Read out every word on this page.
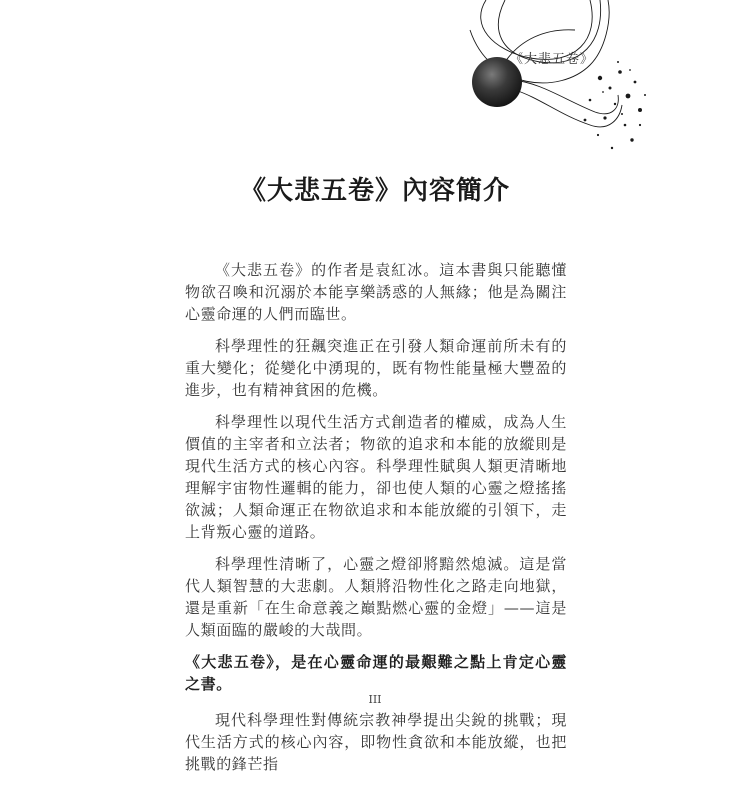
《大悲五卷》
《大悲五卷》內容簡介

《大悲五卷》的作者是袁紅冰。這本書與只能聽懂物欲召喚和沉溺於本能享樂誘惑的人無緣；他是為關注心靈命運的人們而臨世。

科學理性的狂飆突進正在引發人類命運前所未有的重大變化；從變化中湧現的，既有物性能量極大豐盈的進步，也有精神貧困的危機。

科學理性以現代生活方式創造者的權威，成為人生價值的主宰者和立法者；物欲的追求和本能的放縱則是現代生活方式的核心內容。科學理性賦與人類更清晰地理解宇宙物性邏輯的能力，卻也使人類的心靈之燈搖搖欲滅；人類命運正在物欲追求和本能放縱的引領下，走上背叛心靈的道路。

科學理性清晰了，心靈之燈卻將黯然熄滅。這是當代人類智慧的大悲劇。人類將沿物性化之路走向地獄，還是重新「在生命意義之巔點燃心靈的金燈」——這是人類面臨的嚴峻的大哉問。

《大悲五卷》，是在心靈命運的最艱難之點上肯定心靈之書。

現代科學理性對傳統宗教神學提出尖銳的挑戰；現代生活方式的核心內容，即物性貪欲和本能放縱，也把挑戰的鋒芒指

III
